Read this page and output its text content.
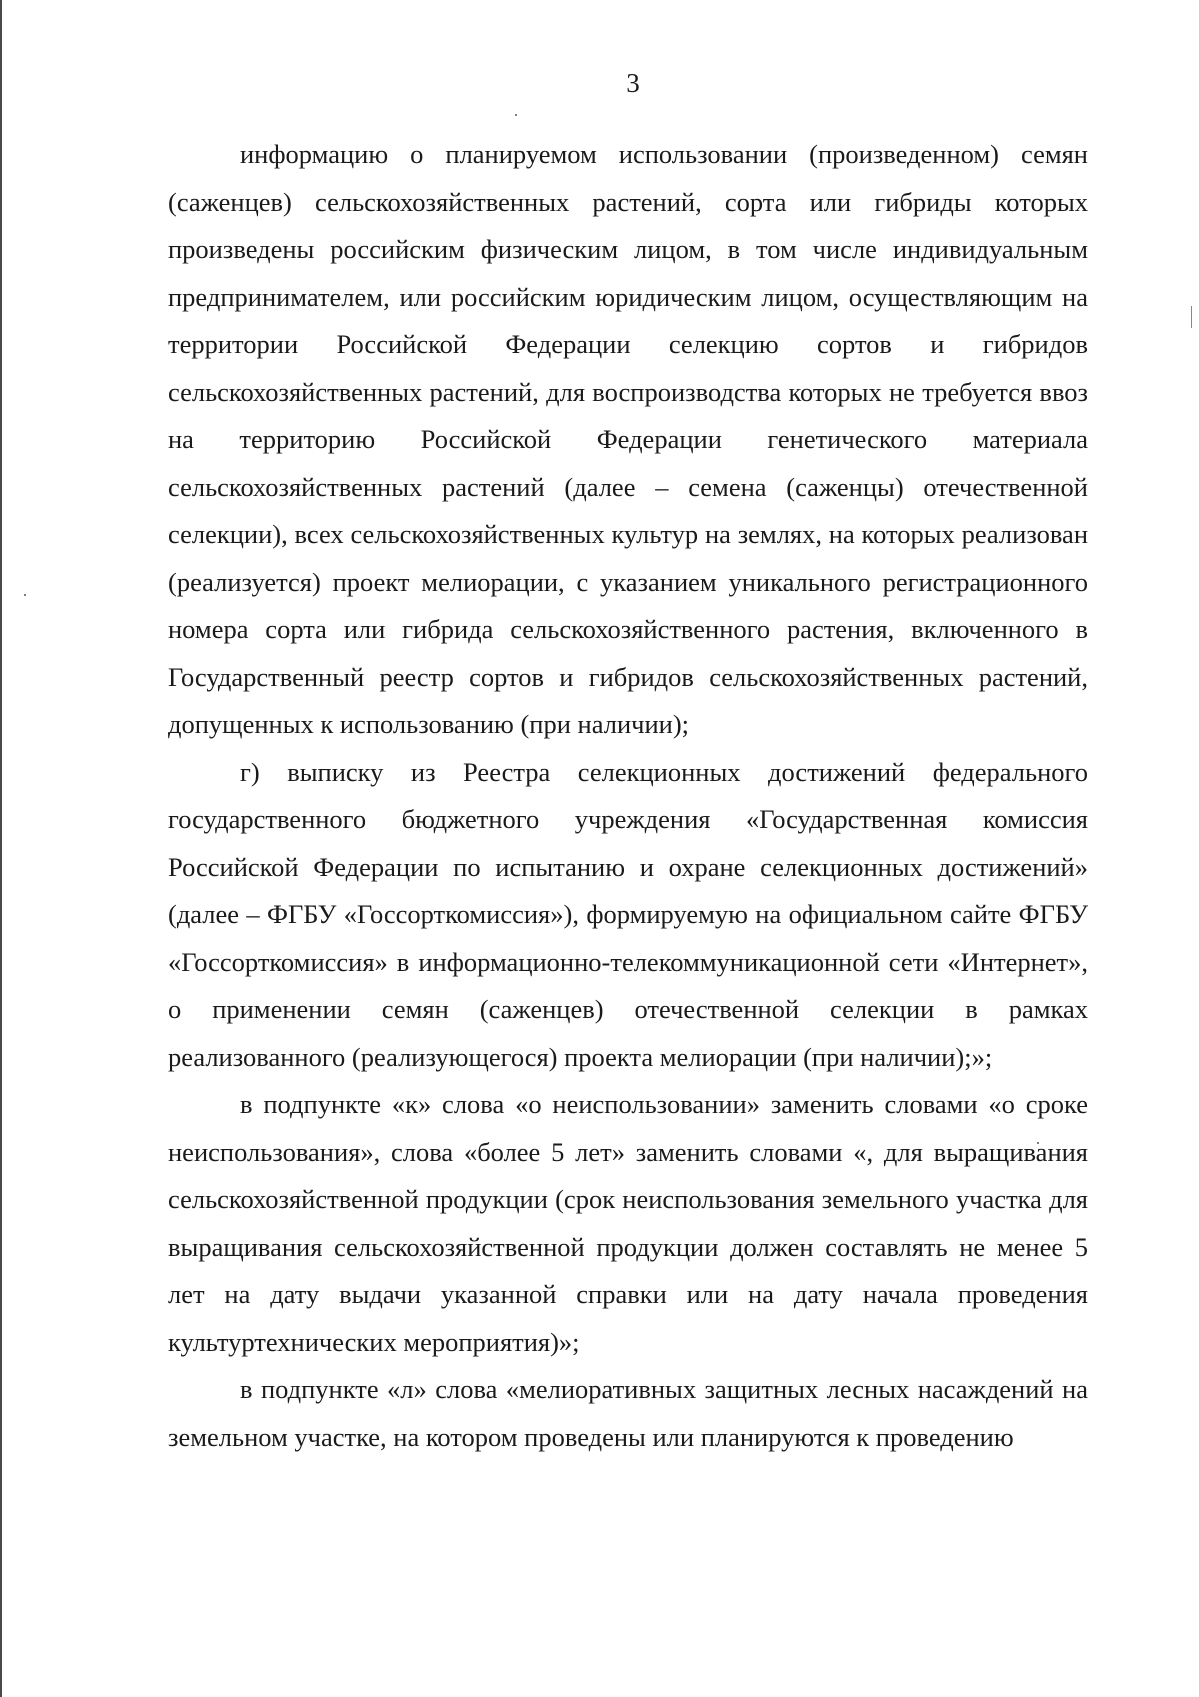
3

информацию о планируемом использовании (произведенном) семян (саженцев) сельскохозяйственных растений, сорта или гибриды которых произведены российским физическим лицом, в том числе индивидуальным предпринимателем, или российским юридическим лицом, осуществляющим на территории Российской Федерации селекцию сортов и гибридов сельскохозяйственных растений, для воспроизводства которых не требуется ввоз на территорию Российской Федерации генетического материала сельскохозяйственных растений (далее – семена (саженцы) отечественной селекции), всех сельскохозяйственных культур на землях, на которых реализован (реализуется) проект мелиорации, с указанием уникального регистрационного номера сорта или гибрида сельскохозяйственного растения, включенного в Государственный реестр сортов и гибридов сельскохозяйственных растений, допущенных к использованию (при наличии);

г) выписку из Реестра селекционных достижений федерального государственного бюджетного учреждения «Государственная комиссия Российской Федерации по испытанию и охране селекционных достижений» (далее – ФГБУ «Госсорткомиссия»), формируемую на официальном сайте ФГБУ «Госсорткомиссия» в информационно-телекоммуникационной сети «Интернет», о применении семян (саженцев) отечественной селекции в рамках реализованного (реализующегося) проекта мелиорации (при наличии);»;

в подпункте «к» слова «о неиспользовании» заменить словами «о сроке неиспользования», слова «более 5 лет» заменить словами «, для выращивания сельскохозяйственной продукции (срок неиспользования земельного участка для выращивания сельскохозяйственной продукции должен составлять не менее 5 лет на дату выдачи указанной справки или на дату начала проведения культуртехнических мероприятия)»;

в подпункте «л» слова «мелиоративных защитных лесных насаждений на земельном участке, на котором проведены или планируются к проведению
